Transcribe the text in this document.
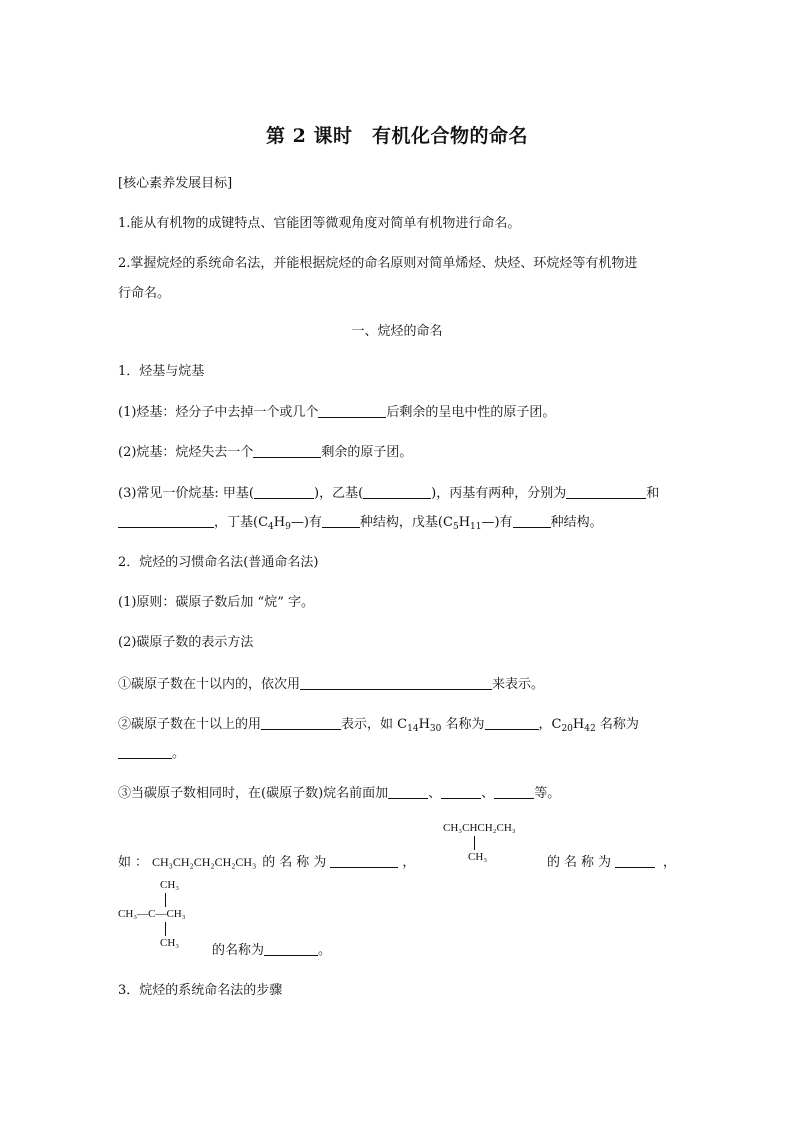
第 2 课时　有机化合物的命名
[核心素养发展目标]
1.能从有机物的成键特点、官能团等微观角度对简单有机物进行命名。
2.掌握烷烃的系统命名法，并能根据烷烃的命名原则对简单烯烃、炔烃、环烷烃等有机物进
行命名。
一、烷烃的命名
1．烃基与烷基
(1)烃基：烃分子中去掉一个或几个	后剩余的呈电中性的原子团。
(2)烷基：烷烃失去一个	剩余的原子团。
(3)常见一价烷基: 甲基(	)，乙基(	)，丙基有两种，分别为	和
，丁基$(C_4H_9—)$有	种结构，戊基$(C_5H_{11}—)$有	种结构。
2．烷烃的习惯命名法(普通命名法)
(1)原则：碳原子数后加 “烷” 字。
(2)碳原子数的表示方法
①碳原子数在十以内的，依次用	来表示。
②碳原子数在十以上的用	表示，如 $C_{14}H_{30}$ 名称为	，$C_{20}H_{42}$ 名称为
。
③当碳原子数相同时，在(碳原子数)烷名前面加	、	、	等。
CH₃CHCH₂CH₃
CH₃
如：CH₃CH₂CH₂CH₂CH₃ 的名称为	，	的名称为	，
CH₃
CH₃—C—CH₃
CH₃	的名称为	。
3．烷烃的系统命名法的步骤
